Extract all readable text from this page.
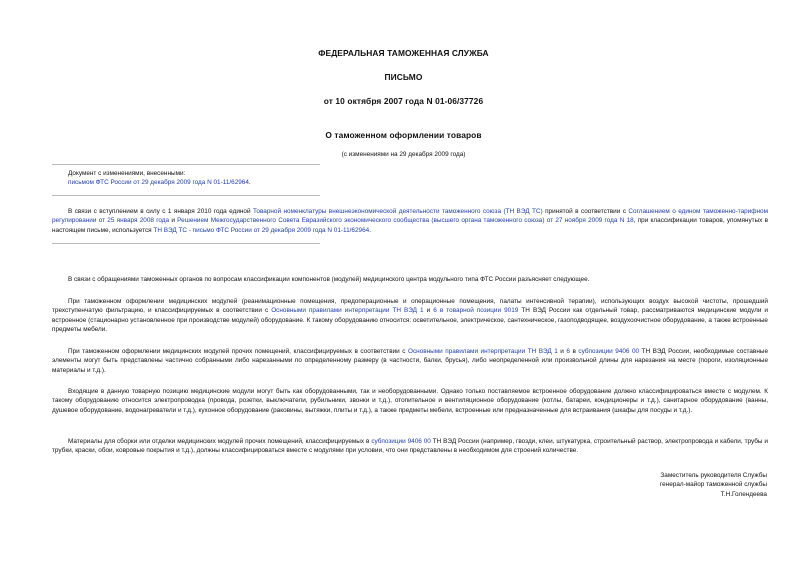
ФЕДЕРАЛЬНАЯ ТАМОЖЕННАЯ СЛУЖБА
ПИСЬМО
от 10 октября 2007 года N 01-06/37726
О таможенном оформлении товаров
(с изменениями на 29 декабря 2009 года)
Документ с изменениями, внесенными:
письмом ФТС России от 29 декабря 2009 года N 01-11/62964.
В связи с вступлением в силу с 1 января 2010 года единой Товарной номенклатуры внешнеэкономической деятельности таможенного союза (ТН ВЭД ТС) принятой в соответствии с Соглашением о едином таможенно-тарифном регулировании от 25 января 2008 года и Решением Межгосударственного Совета Евразийского экономического сообщества (высшего органа таможенного союза) от 27 ноября 2009 года N 18, при классификации товаров, упомянутых в настоящем письме, используется ТН ВЭД ТС - письмо ФТС России от 29 декабря 2009 года N 01-11/62964.
В связи с обращениями таможенных органов по вопросам классификации компонентов (модулей) медицинского центра модульного типа ФТС России разъясняет следующее.
При таможенном оформлении медицинских модулей (реанимационные помещения, предоперационные и операционные помещения, палаты интенсивной терапии), использующих воздух высокой чистоты, прошедший трехступенчатую фильтрацию, и классифицируемых в соответствии с Основными правилами интерпретации ТН ВЭД 1 и 6 в товарной позиции 9019 ТН ВЭД России как отдельный товар, рассматриваются медицинские модули и встроенное (стационарно установленное при производстве модулей) оборудование. К такому оборудованию относится: осветительное, электрическое, сантехническое, газоподводящее, воздухоочистное оборудование, а также встроенные предметы мебели.
При таможенном оформлении медицинских модулей прочих помещений, классифицируемых в соответствии с Основными правилами интерпретации ТН ВЭД 1 и 6 в субпозиции 9406 00 ТН ВЭД России, необходимые составные элементы могут быть представлены частично собранными либо нарезанными по определенному размеру (в частности, балки, брусья), либо неопределенной или произвольной длины для нарезания на месте (пороги, изоляционные материалы и т.д.).
Входящие в данную товарную позицию медицинские модули могут быть как оборудованными, так и необорудованными. Однако только поставляемое встроенное оборудование должно классифицироваться вместе с модулем. К такому оборудованию относится электропроводка (провода, розетки, выключатели, рубильники, звонки и т.д.), отопительное и вентиляционное оборудование (котлы, батареи, кондиционеры и т.д.), санитарное оборудование (ванны, душевое оборудование, водонагреватели и т.д.), кухонное оборудование (раковины, вытяжки, плиты и т.д.), а также предметы мебели, встроенные или предназначенные для встраивания (шкафы для посуды и т.д.).
Материалы для сборки или отделки медицинских модулей прочих помещений, классифицируемых в субпозиции 9406 00 ТН ВЭД России (например, гвозди, клеи, штукатурка, строительный раствор, электропровода и кабели, трубы и трубки, краски, обои, ковровые покрытия и т.д.), должны классифицироваться вместе с модулями при условии, что они представлены в необходимом для строений количестве.
Заместитель руководителя Службы
генерал-майор таможенной службы
Т.Н.Голендеева
